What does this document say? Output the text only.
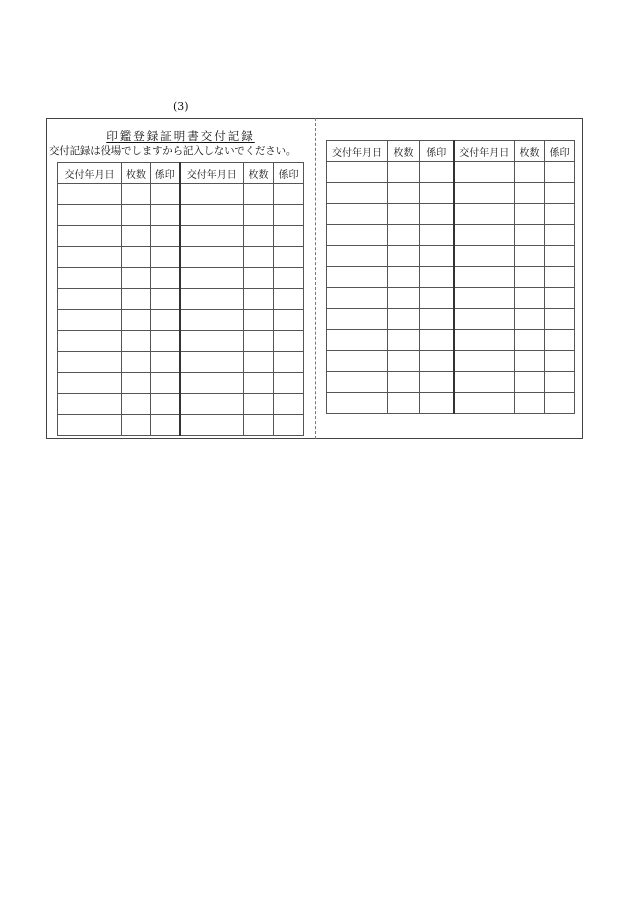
(3)
印鑑登録証明書交付記録
交付記録は役場でしますから記入しないでください。
交付年月日	枚数	係印	交付年月日	枚数	係印

交付年月日	枚数	係印	交付年月日	枚数	係印
